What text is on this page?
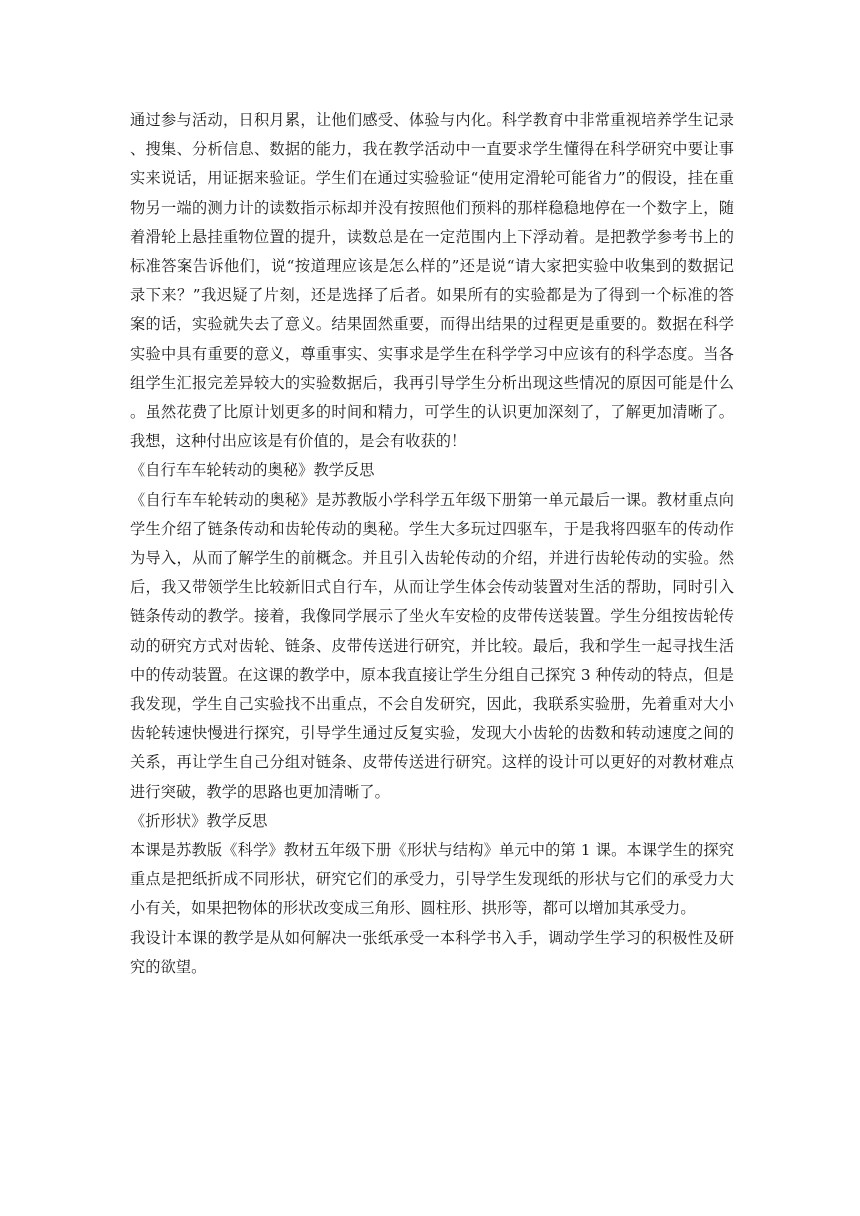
通过参与活动，日积月累，让他们感受、体验与内化。科学教育中非常重视培养学生记录、搜集、分析信息、数据的能力，我在教学活动中一直要求学生懂得在科学研究中要让事实来说话，用证据来验证。学生们在通过实验验证“使用定滑轮可能省力”的假设，挂在重物另一端的测力计的读数指示标却并没有按照他们预料的那样稳稳地停在一个数字上，随着滑轮上悬挂重物位置的提升，读数总是在一定范围内上下浮动着。是把教学参考书上的标准答案告诉他们，说“按道理应该是怎么样的”还是说“请大家把实验中收集到的数据记录下来？”我迟疑了片刻，还是选择了后者。如果所有的实验都是为了得到一个标准的答案的话，实验就失去了意义。结果固然重要，而得出结果的过程更是重要的。数据在科学实验中具有重要的意义，尊重事实、实事求是学生在科学学习中应该有的科学态度。当各组学生汇报完差异较大的实验数据后，我再引导学生分析出现这些情况的原因可能是什么。虽然花费了比原计划更多的时间和精力，可学生的认识更加深刻了，了解更加清晰了。我想，这种付出应该是有价值的，是会有收获的！

《自行车车轮转动的奥秘》教学反思

《自行车车轮转动的奥秘》是苏教版小学科学五年级下册第一单元最后一课。教材重点向学生介绍了链条传动和齿轮传动的奥秘。学生大多玩过四驱车，于是我将四驱车的传动作为导入，从而了解学生的前概念。并且引入齿轮传动的介绍，并进行齿轮传动的实验。然后，我又带领学生比较新旧式自行车，从而让学生体会传动装置对生活的帮助，同时引入链条传动的教学。接着，我像同学展示了坐火车安检的皮带传送装置。学生分组按齿轮传动的研究方式对齿轮、链条、皮带传送进行研究，并比较。最后，我和学生一起寻找生活中的传动装置。在这课的教学中，原本我直接让学生分组自己探究 3 种传动的特点，但是我发现，学生自己实验找不出重点，不会自发研究，因此，我联系实验册，先着重对大小齿轮转速快慢进行探究，引导学生通过反复实验，发现大小齿轮的齿数和转动速度之间的关系，再让学生自己分组对链条、皮带传送进行研究。这样的设计可以更好的对教材难点进行突破，教学的思路也更加清晰了。

《折形状》教学反思

本课是苏教版《科学》教材五年级下册《形状与结构》单元中的第 1 课。本课学生的探究重点是把纸折成不同形状，研究它们的承受力，引导学生发现纸的形状与它们的承受力大小有关，如果把物体的形状改变成三角形、圆柱形、拱形等，都可以增加其承受力。

我设计本课的教学是从如何解决一张纸承受一本科学书入手，调动学生学习的积极性及研究的欲望。
